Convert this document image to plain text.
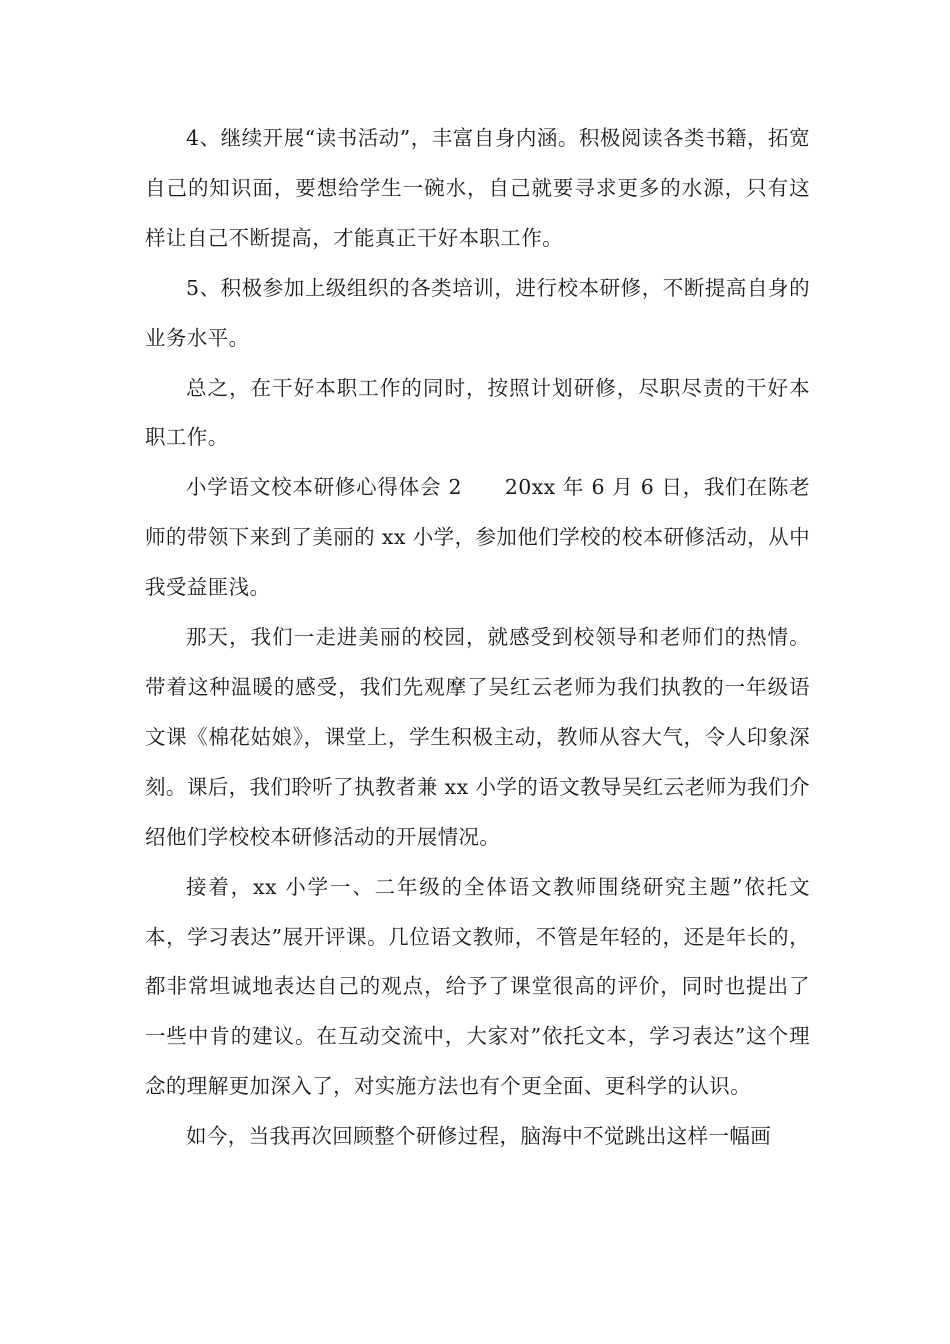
4、继续开展“读书活动”，丰富自身内涵。积极阅读各类书籍，拓宽自己的知识面，要想给学生一碗水，自己就要寻求更多的水源，只有这样让自己不断提高，才能真正干好本职工作。

5、积极参加上级组织的各类培训，进行校本研修，不断提高自身的业务水平。

总之，在干好本职工作的同时，按照计划研修，尽职尽责的干好本职工作。

小学语文校本研修心得体会 2　　20xx 年 6 月 6 日，我们在陈老师的带领下来到了美丽的 xx 小学，参加他们学校的校本研修活动，从中我受益匪浅。

那天，我们一走进美丽的校园，就感受到校领导和老师们的热情。带着这种温暖的感受，我们先观摩了吴红云老师为我们执教的一年级语文课《棉花姑娘》，课堂上，学生积极主动，教师从容大气，令人印象深刻。课后，我们聆听了执教者兼 xx 小学的语文教导吴红云老师为我们介绍他们学校校本研修活动的开展情况。

接着，xx 小学一、二年级的全体语文教师围绕研究主题”依托文本，学习表达”展开评课。几位语文教师，不管是年轻的，还是年长的，都非常坦诚地表达自己的观点，给予了课堂很高的评价，同时也提出了一些中肯的建议。在互动交流中，大家对”依托文本，学习表达”这个理念的理解更加深入了，对实施方法也有个更全面、更科学的认识。

如今，当我再次回顾整个研修过程，脑海中不觉跳出这样一幅画
